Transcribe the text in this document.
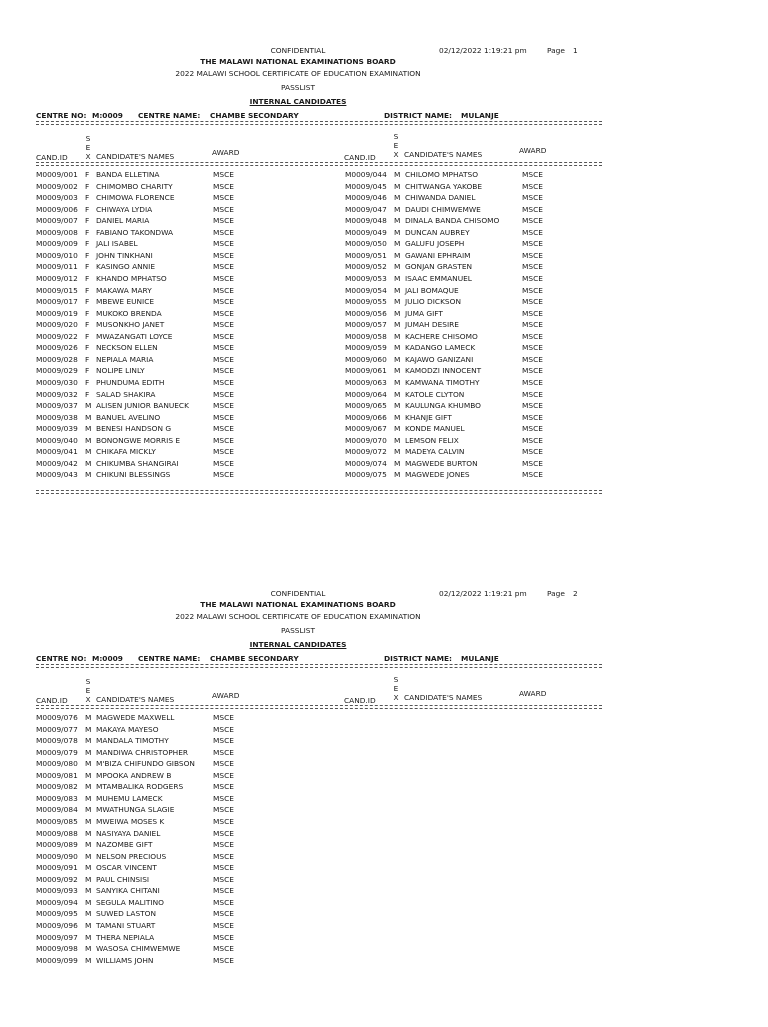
CONFIDENTIAL	02/12/2022 1:19:21 pm	Page 1
THE MALAWI NATIONAL EXAMINATIONS BOARD
2022 MALAWI SCHOOL CERTIFICATE OF EDUCATION EXAMINATION
PASSLIST
INTERNAL CANDIDATES
CENTRE NO: M:0009 CENTRE NAME: CHAMBE SECONDARY	DISTRICT NAME: MULANJE
CAND.ID
S
E
X CANDIDATE'S NAMES	AWARD
CAND.ID
S
E
X CANDIDATE'S NAMES	AWARD
M0009/001 F BANDA ELLETINA	MSCE
M0009/002 F CHIMOMBO CHARITY	MSCE
M0009/003 F CHIMOWA FLORENCE	MSCE
M0009/006 F CHIWAYA LYDIA	MSCE
M0009/007 F DANIEL MARIA	MSCE
M0009/008 F FABIANO TAKONDWA	MSCE
M0009/009 F JALI ISABEL	MSCE
M0009/010 F JOHN TINKHANI	MSCE
M0009/011 F KASINGO ANNIE	MSCE
M0009/012 F KHANDO MPHATSO	MSCE
M0009/015 F MAKAWA MARY	MSCE
M0009/017 F MBEWE EUNICE	MSCE
M0009/019 F MUKOKO BRENDA	MSCE
M0009/020 F MUSONKHO JANET	MSCE
M0009/022 F MWAZANGATI LOYCE	MSCE
M0009/026 F NECKSON ELLEN	MSCE
M0009/028 F NEPIALA MARIA	MSCE
M0009/029 F NOLIPE LINLY	MSCE
M0009/030 F PHUNDUMA EDITH	MSCE
M0009/032 F SALAD SHAKIRA	MSCE
M0009/037 M ALISEN JUNIOR BANUECK	MSCE
M0009/038 M BANUEL AVELINO	MSCE
M0009/039 M BENESI HANDSON G	MSCE
M0009/040 M BONONGWE MORRIS E	MSCE
M0009/041 M CHIKAFA MICKLY	MSCE
M0009/042 M CHIKUMBA SHANGIRAI	MSCE
M0009/043 M CHIKUNI BLESSINGS	MSCE
M0009/044 M CHILOMO MPHATSO	MSCE
M0009/045 M CHITWANGA YAKOBE	MSCE
M0009/046 M CHIWANDA DANIEL	MSCE
M0009/047 M DAUDI CHIMWEMWE	MSCE
M0009/048 M DINALA BANDA CHISOMO	MSCE
M0009/049 M DUNCAN AUBREY	MSCE
M0009/050 M GALUFU JOSEPH	MSCE
M0009/051 M GAWANI EPHRAIM	MSCE
M0009/052 M GONJAN GRASTEN	MSCE
M0009/053 M ISAAC EMMANUEL	MSCE
M0009/054 M JALI BOMAQUE	MSCE
M0009/055 M JULIO DICKSON	MSCE
M0009/056 M JUMA GIFT	MSCE
M0009/057 M JUMAH DESIRE	MSCE
M0009/058 M KACHERE CHISOMO	MSCE
M0009/059 M KADANGO LAMECK	MSCE
M0009/060 M KAJAWO GANIZANI	MSCE
M0009/061 M KAMODZI INNOCENT	MSCE
M0009/063 M KAMWANA TIMOTHY	MSCE
M0009/064 M KATOLE CLYTON	MSCE
M0009/065 M KAULUNGA KHUMBO	MSCE
M0009/066 M KHANJE GIFT	MSCE
M0009/067 M KONDE MANUEL	MSCE
M0009/070 M LEMSON FELIX	MSCE
M0009/072 M MADEYA CALVIN	MSCE
M0009/074 M MAGWEDE BURTON	MSCE
M0009/075 M MAGWEDE JONES	MSCE
CONFIDENTIAL	02/12/2022 1:19:21 pm	Page 2
THE MALAWI NATIONAL EXAMINATIONS BOARD
2022 MALAWI SCHOOL CERTIFICATE OF EDUCATION EXAMINATION
PASSLIST
INTERNAL CANDIDATES
CENTRE NO: M:0009 CENTRE NAME: CHAMBE SECONDARY	DISTRICT NAME: MULANJE
CAND.ID
S
E
X CANDIDATE'S NAMES	AWARD
CAND.ID
S
E
X CANDIDATE'S NAMES	AWARD
M0009/076 M MAGWEDE MAXWELL	MSCE
M0009/077 M MAKAYA MAYESO	MSCE
M0009/078 M MANDALA TIMOTHY	MSCE
M0009/079 M MANDIWA CHRISTOPHER	MSCE
M0009/080 M M'BIZA CHIFUNDO GIBSON MSCE
M0009/081 M MPOOKA ANDREW B	MSCE
M0009/082 M MTAMBALIKA RODGERS	MSCE
M0009/083 M MUHEMU LAMECK	MSCE
M0009/084 M MWATHUNGA SLAGIE	MSCE
M0009/085 M MWEIWA MOSES K	MSCE
M0009/088 M NASIYAYA DANIEL	MSCE
M0009/089 M NAZOMBE GIFT	MSCE
M0009/090 M NELSON PRECIOUS	MSCE
M0009/091 M OSCAR VINCENT	MSCE
M0009/092 M PAUL CHINSISI	MSCE
M0009/093 M SANYIKA CHITANI	MSCE
M0009/094 M SEGULA MALITINO	MSCE
M0009/095 M SUWED LASTON	MSCE
M0009/096 M TAMANI STUART	MSCE
M0009/097 M THERA NEPIALA	MSCE
M0009/098 M WASOSA CHIMWEMWE	MSCE
M0009/099 M WILLIAMS JOHN	MSCE
